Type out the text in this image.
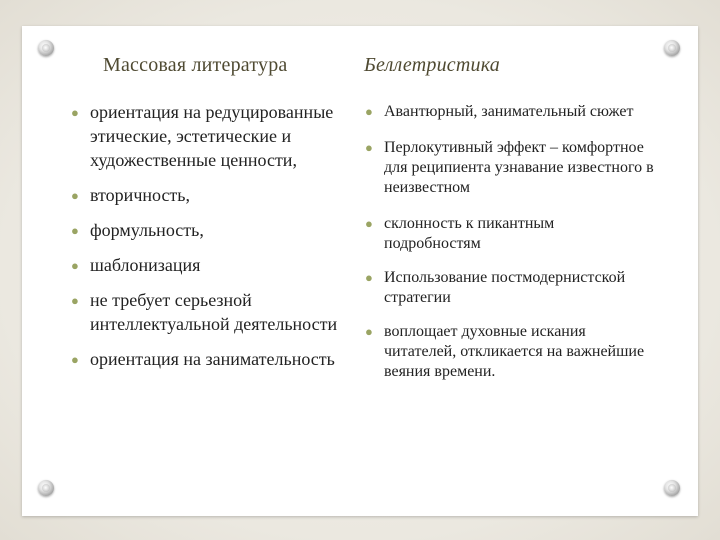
Массовая литература	Беллетристика
● ориентация на редуцированные этические, эстетические и художественные ценности,
● вторичность,
● формульность,
● шаблонизация
● не требует серьезной интеллектуальной деятельности
● ориентация на занимательность
● Авантюрный, занимательный сюжет
● Перлокутивный эффект – комфортное для реципиента узнавание известного в неизвестном
● склонность к пикантным подробностям
● Использование постмодернистской стратегии
● воплощает духовные искания читателей, откликается на важнейшие веяния времени.
